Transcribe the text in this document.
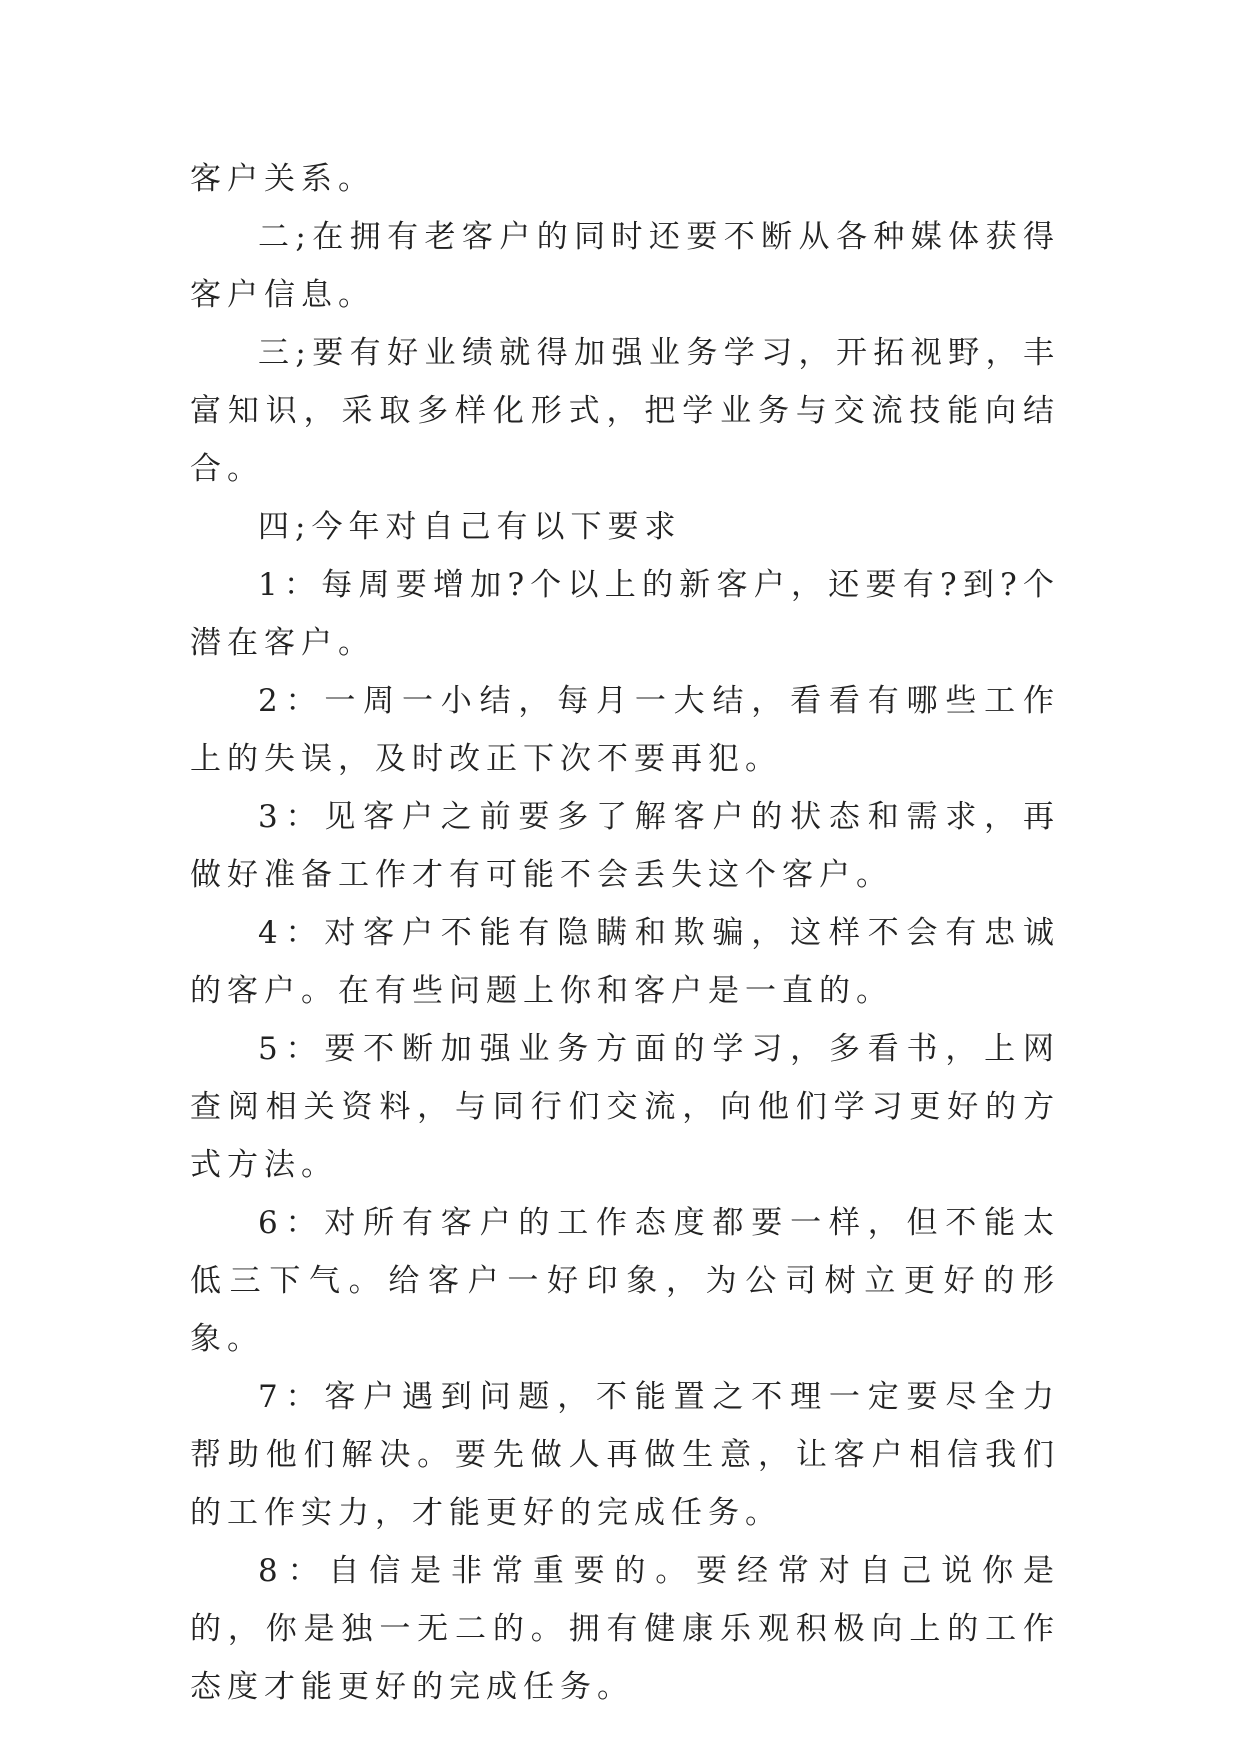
客户关系。

二;在拥有老客户的同时还要不断从各种媒体获得客户信息。

三;要有好业绩就得加强业务学习，开拓视野，丰富知识，采取多样化形式，把学业务与交流技能向结合。

四;今年对自己有以下要求

1：每周要增加?个以上的新客户，还要有?到?个潜在客户。

2：一周一小结，每月一大结，看看有哪些工作上的失误，及时改正下次不要再犯。

3：见客户之前要多了解客户的状态和需求，再做好准备工作才有可能不会丢失这个客户。

4：对客户不能有隐瞒和欺骗，这样不会有忠诚的客户。在有些问题上你和客户是一直的。

5：要不断加强业务方面的学习，多看书，上网查阅相关资料，与同行们交流，向他们学习更好的方式方法。

6：对所有客户的工作态度都要一样，但不能太低三下气。给客户一好印象，为公司树立更好的形象。

7：客户遇到问题，不能置之不理一定要尽全力帮助他们解决。要先做人再做生意，让客户相信我们的工作实力，才能更好的完成任务。

8：自信是非常重要的。要经常对自己说你是的，你是独一无二的。拥有健康乐观积极向上的工作态度才能更好的完成任务。
